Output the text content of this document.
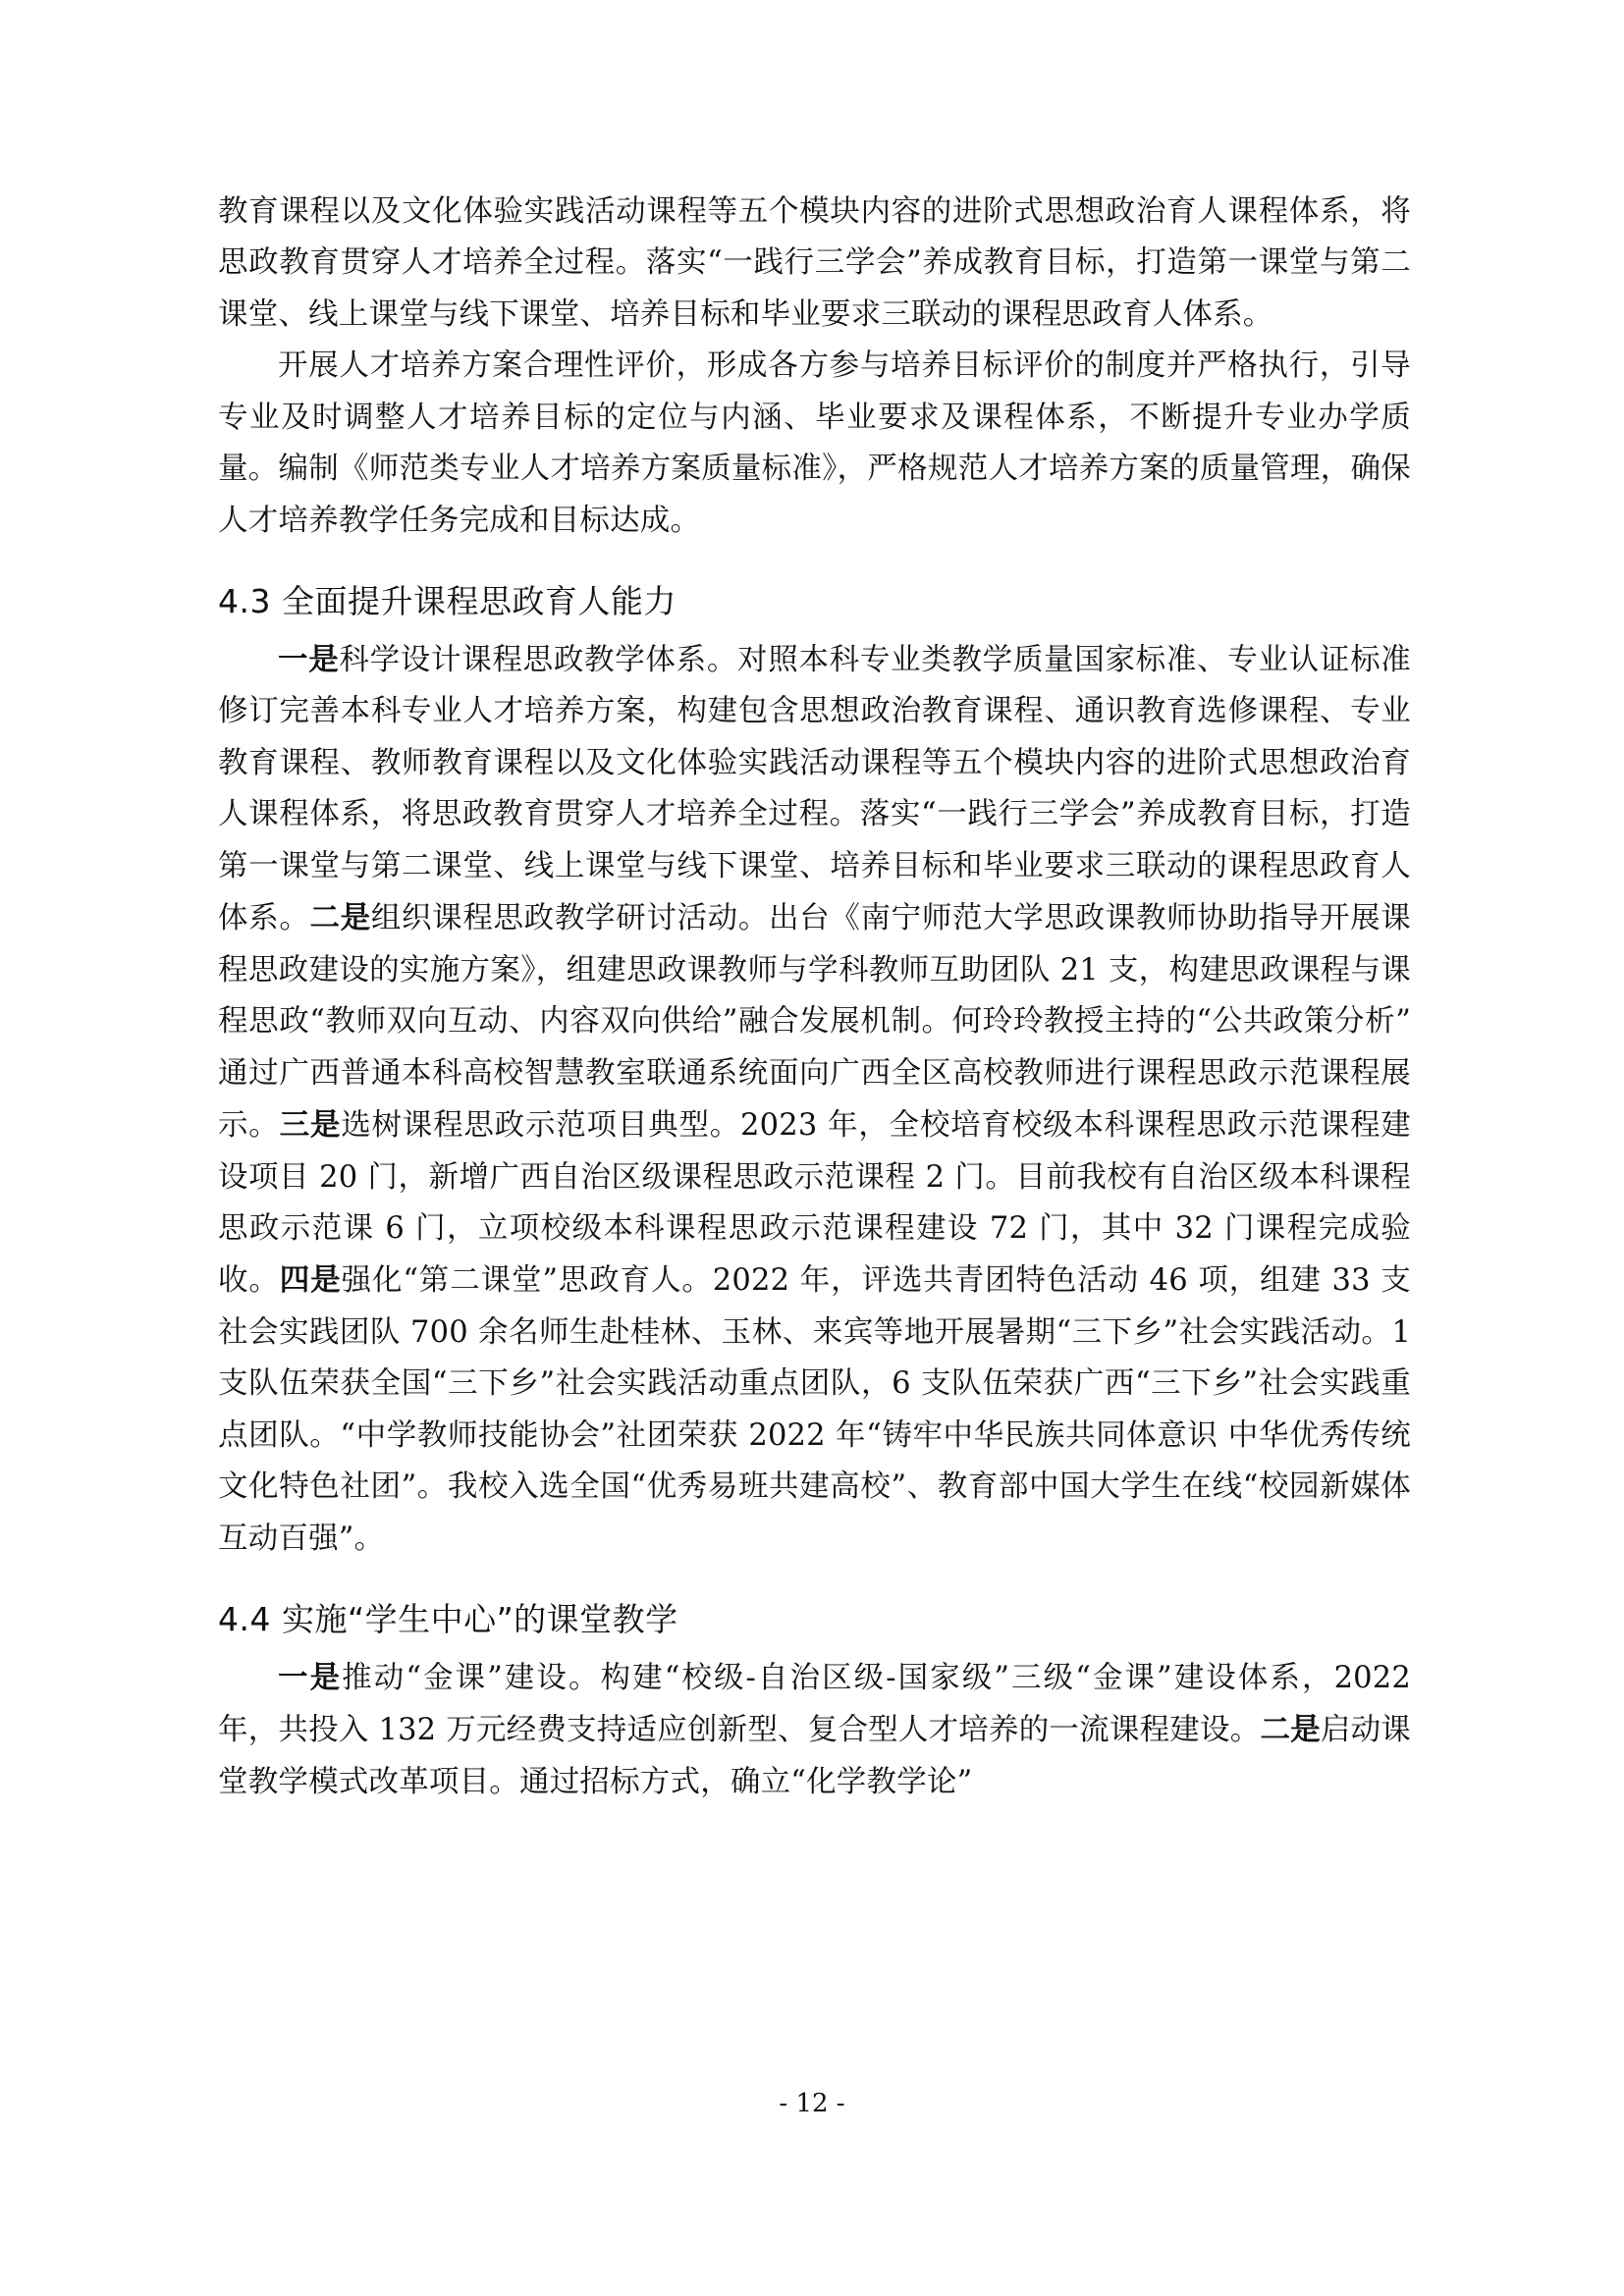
教育课程以及文化体验实践活动课程等五个模块内容的进阶式思想政治育人课程体系，将思政教育贯穿人才培养全过程。落实“一践行三学会”养成教育目标，打造第一课堂与第二课堂、线上课堂与线下课堂、培养目标和毕业要求三联动的课程思政育人体系。

开展人才培养方案合理性评价，形成各方参与培养目标评价的制度并严格执行，引导专业及时调整人才培养目标的定位与内涵、毕业要求及课程体系，不断提升专业办学质量。编制《师范类专业人才培养方案质量标准》，严格规范人才培养方案的质量管理，确保人才培养教学任务完成和目标达成。

4.3 全面提升课程思政育人能力

一是科学设计课程思政教学体系。对照本科专业类教学质量国家标准、专业认证标准修订完善本科专业人才培养方案，构建包含思想政治教育课程、通识教育选修课程、专业教育课程、教师教育课程以及文化体验实践活动课程等五个模块内容的进阶式思想政治育人课程体系，将思政教育贯穿人才培养全过程。落实“一践行三学会”养成教育目标，打造第一课堂与第二课堂、线上课堂与线下课堂、培养目标和毕业要求三联动的课程思政育人体系。二是组织课程思政教学研讨活动。出台《南宁师范大学思政课教师协助指导开展课程思政建设的实施方案》，组建思政课教师与学科教师互助团队 21 支，构建思政课程与课程思政“教师双向互动、内容双向供给”融合发展机制。何玲玲教授主持的“公共政策分析”通过广西普通本科高校智慧教室联通系统面向广西全区高校教师进行课程思政示范课程展示。三是选树课程思政示范项目典型。2023 年，全校培育校级本科课程思政示范课程建设项目 20 门，新增广西自治区级课程思政示范课程 2 门。目前我校有自治区级本科课程思政示范课 6 门，立项校级本科课程思政示范课程建设 72 门，其中 32 门课程完成验收。四是强化“第二课堂”思政育人。2022 年，评选共青团特色活动 46 项，组建 33 支社会实践团队 700 余名师生赴桂林、玉林、来宾等地开展暑期“三下乡”社会实践活动。1 支队伍荣获全国“三下乡”社会实践活动重点团队，6 支队伍荣获广西“三下乡”社会实践重点团队。“中学教师技能协会”社团荣获 2022 年“铸牢中华民族共同体意识 中华优秀传统文化特色社团”。我校入选全国“优秀易班共建高校”、教育部中国大学生在线“校园新媒体互动百强”。

4.4 实施“学生中心”的课堂教学

一是推动“金课”建设。构建“校级-自治区级-国家级”三级“金课”建设体系，2022 年，共投入 132 万元经费支持适应创新型、复合型人才培养的一流课程建设。二是启动课堂教学模式改革项目。通过招标方式，确立“化学教学论”

- 12 -
